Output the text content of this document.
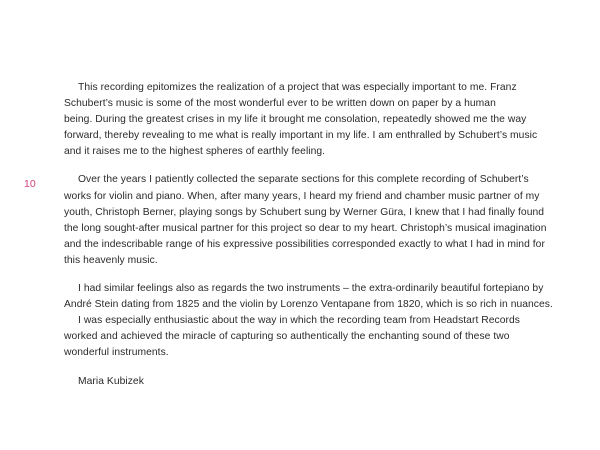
10

This recording epitomizes the realization of a project that was especially important to me. Franz
Schubert’s music is some of the most wonderful ever to be written down on paper by a human
being. During the greatest crises in my life it brought me consolation, repeatedly showed me the way
forward, thereby revealing to me what is really important in my life. I am enthralled by Schubert’s music
and it raises me to the highest spheres of earthly feeling.

Over the years I patiently collected the separate sections for this complete recording of Schubert’s
works for violin and piano. When, after many years, I heard my friend and chamber music partner of my
youth, Christoph Berner, playing songs by Schubert sung by Werner Güra, I knew that I had finally found
the long sought-after musical partner for this project so dear to my heart. Christoph’s musical imagination
and the indescribable range of his expressive possibilities corresponded exactly to what I had in mind for
this heavenly music.

I had similar feelings also as regards the two instruments – the extra-ordinarily beautiful fortepiano by
André Stein dating from 1825 and the violin by Lorenzo Ventapane from 1820, which is so rich in nuances.

I was especially enthusiastic about the way in which the recording team from Headstart Records
worked and achieved the miracle of capturing so authentically the enchanting sound of these two
wonderful instruments.

Maria Kubizek
